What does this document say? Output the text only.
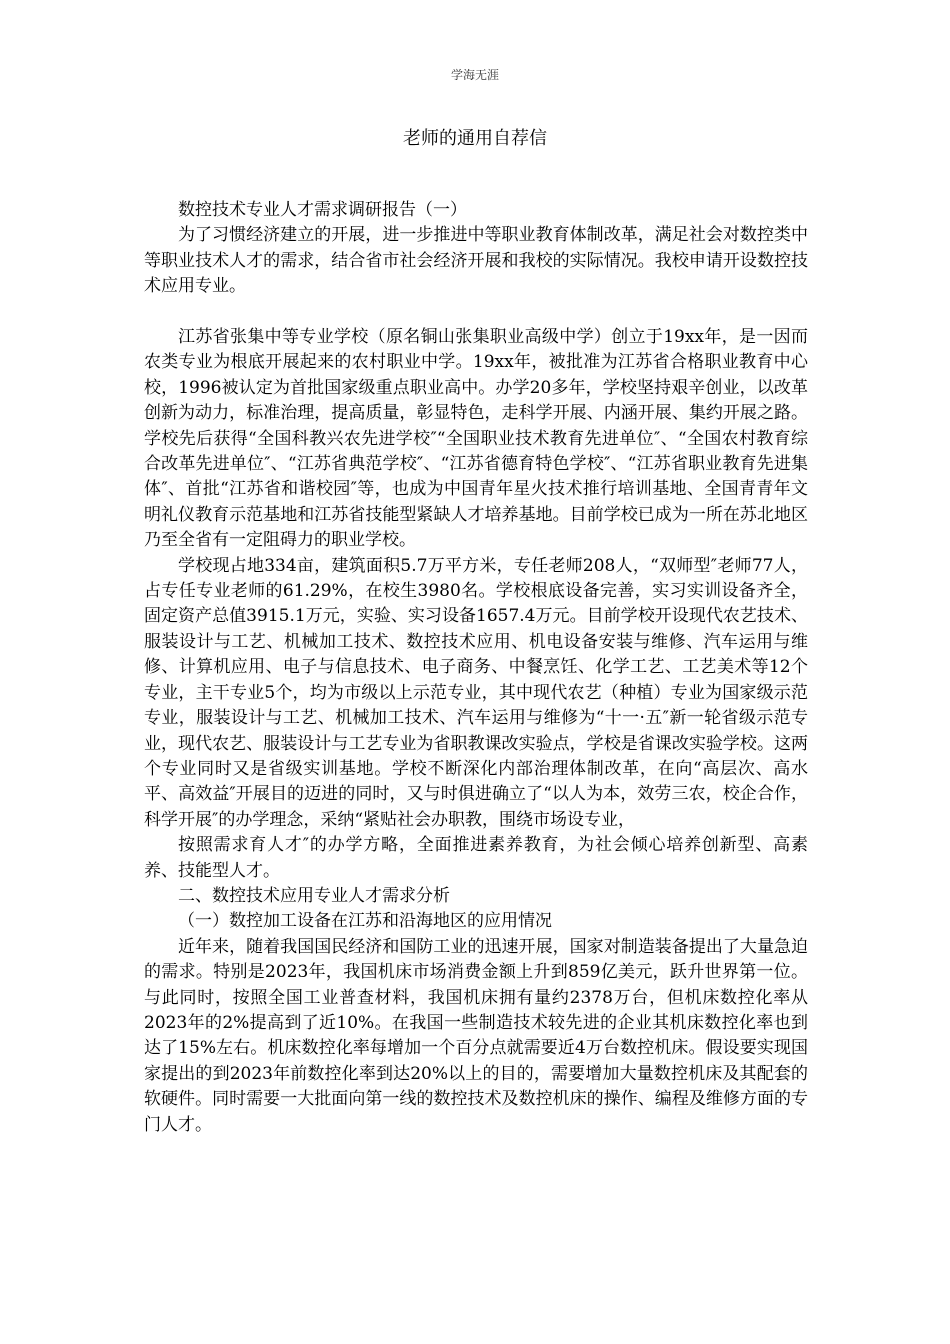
学海无涯
老师的通用自荐信

数控技术专业人才需求调研报告（一）

为了习惯经济建立的开展，进一步推进中等职业教育体制改革，满足社会对数控类中等职业技术人才的需求，结合省市社会经济开展和我校的实际情况。我校申请开设数控技术应用专业。

江苏省张集中等专业学校（原名铜山张集职业高级中学）创立于19xx年，是一因而农类专业为根底开展起来的农村职业中学。19xx年，被批准为江苏省合格职业教育中心校，1996被认定为首批国家级重点职业高中。办学20多年，学校坚持艰辛创业，以改革创新为动力，标准治理，提高质量，彰显特色，走科学开展、内涵开展、集约开展之路。学校先后获得“全国科教兴农先进学校″“全国职业技术教育先进单位″、“全国农村教育综合改革先进单位″、“江苏省典范学校″、“江苏省德育特色学校″、“江苏省职业教育先进集体″、首批“江苏省和谐校园″等，也成为中国青年星火技术推行培训基地、全国青青年文明礼仪教育示范基地和江苏省技能型紧缺人才培养基地。目前学校已成为一所在苏北地区乃至全省有一定阻碍力的职业学校。

学校现占地334亩，建筑面积5.7万平方米，专任老师208人，“双师型″老师77人，占专任专业老师的61.29%，在校生3980名。学校根底设备完善，实习实训设备齐全，固定资产总值3915.1万元，实验、实习设备1657.4万元。目前学校开设现代农艺技术、服装设计与工艺、机械加工技术、数控技术应用、机电设备安装与维修、汽车运用与维修、计算机应用、电子与信息技术、电子商务、中餐烹饪、化学工艺、工艺美术等12个专业，主干专业5个，均为市级以上示范专业，其中现代农艺（种植）专业为国家级示范专业，服装设计与工艺、机械加工技术、汽车运用与维修为“十一·五″新一轮省级示范专业，现代农艺、服装设计与工艺专业为省职教课改实验点，学校是省课改实验学校。这两个专业同时又是省级实训基地。学校不断深化内部治理体制改革，在向“高层次、高水平、高效益″开展目的迈进的同时，又与时俱进确立了“以人为本，效劳三农，校企合作，科学开展″的办学理念，采纳“紧贴社会办职教，围绕市场设专业，

按照需求育人才″的办学方略，全面推进素养教育，为社会倾心培养创新型、高素养、技能型人才。

二、数控技术应用专业人才需求分析

（一）数控加工设备在江苏和沿海地区的应用情况

近年来，随着我国国民经济和国防工业的迅速开展，国家对制造装备提出了大量急迫的需求。特别是2023年，我国机床市场消费金额上升到859亿美元，跃升世界第一位。与此同时，按照全国工业普查材料，我国机床拥有量约2378万台，但机床数控化率从2023年的2%提高到了近10%。在我国一些制造技术较先进的企业其机床数控化率也到达了15%左右。机床数控化率每增加一个百分点就需要近4万台数控机床。假设要实现国家提出的到2023年前数控化率到达20%以上的目的，需要增加大量数控机床及其配套的软硬件。同时需要一大批面向第一线的数控技术及数控机床的操作、编程及维修方面的专门人才。
